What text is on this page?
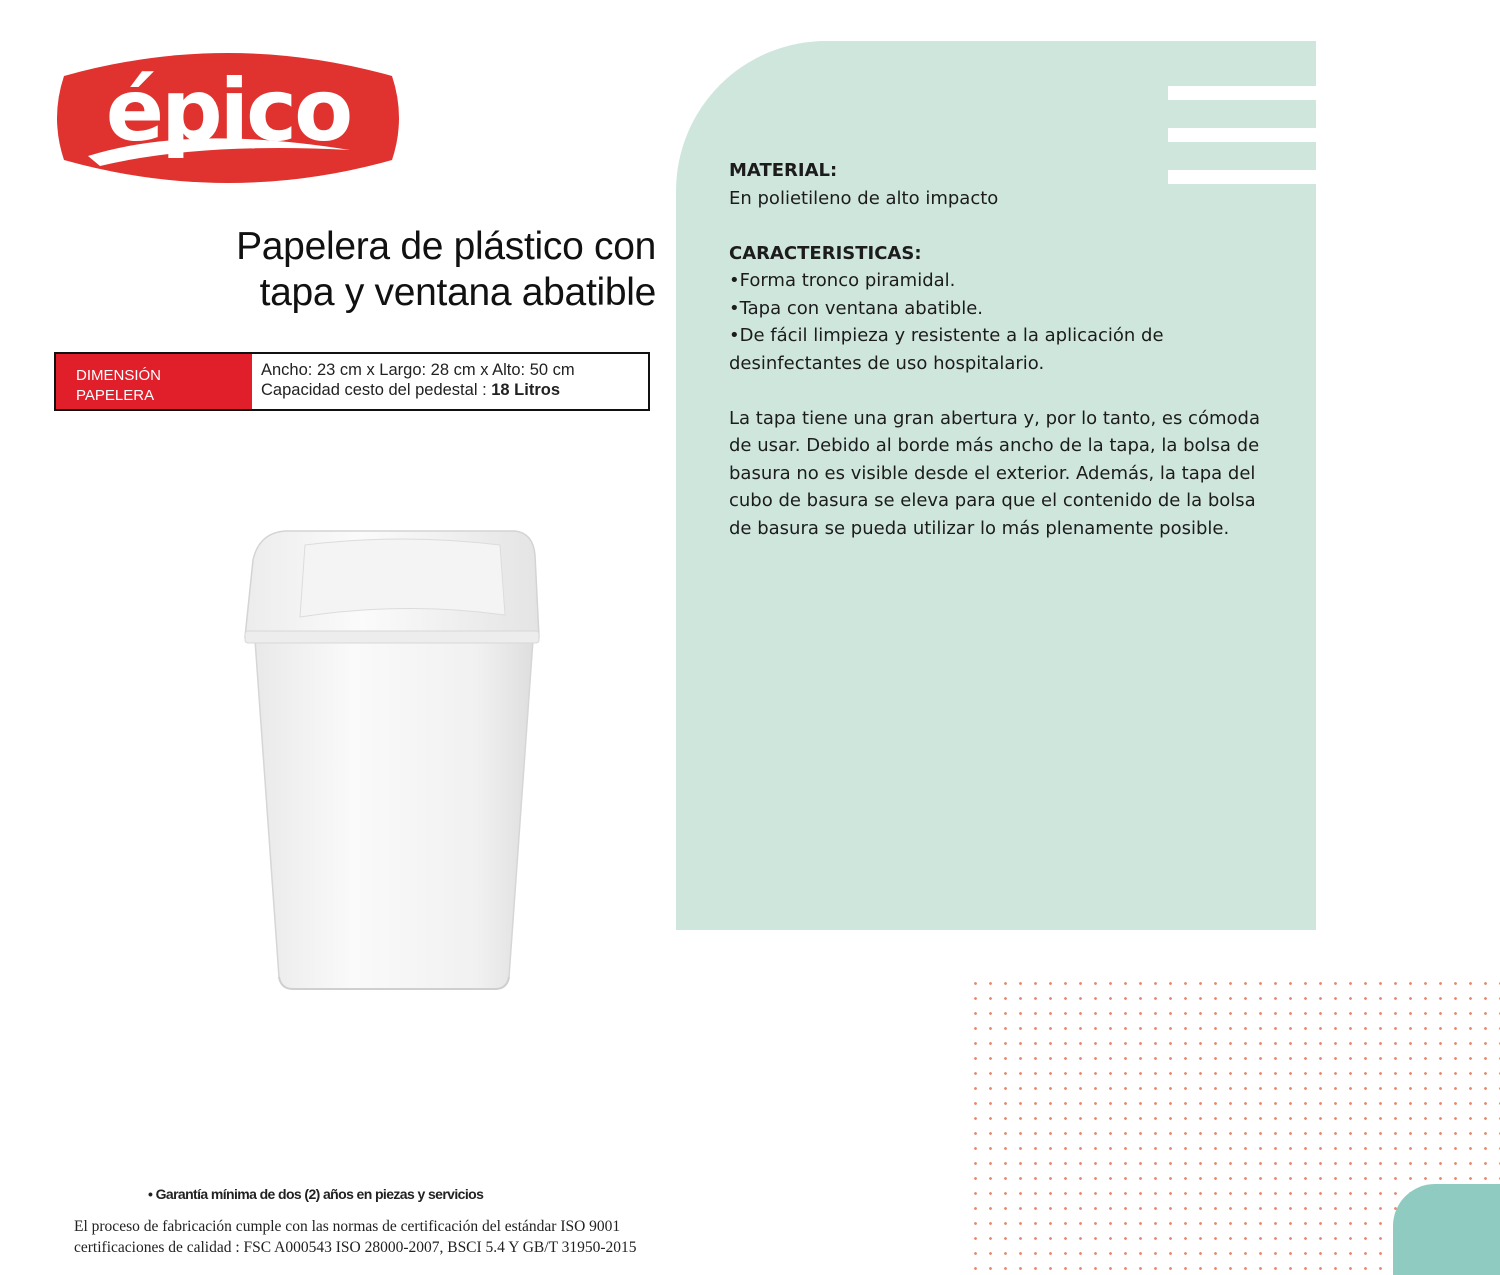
épico
Papelera de plástico con
tapa y ventana abatible
DIMENSIÓN
PAPELERA
Ancho: 23 cm x Largo: 28 cm x Alto: 50 cm
Capacidad cesto del pedestal : 18 Litros
MATERIAL:
En polietileno de alto impacto
CARACTERISTICAS:
•Forma tronco piramidal.
•Tapa con ventana abatible.
•De fácil limpieza y resistente a la aplicación de
desinfectantes de uso hospitalario.
La tapa tiene una gran abertura y, por lo tanto, es cómoda
de usar. Debido al borde más ancho de la tapa, la bolsa de
basura no es visible desde el exterior. Además, la tapa del
cubo de basura se eleva para que el contenido de la bolsa
de basura se pueda utilizar lo más plenamente posible.
• Garantía mínima de dos (2) años en piezas y servicios
El proceso de fabricación cumple con las normas de certificación del estándar ISO 9001
certificaciones de calidad : FSC A000543 ISO 28000-2007, BSCI 5.4 Y GB/T 31950-2015
